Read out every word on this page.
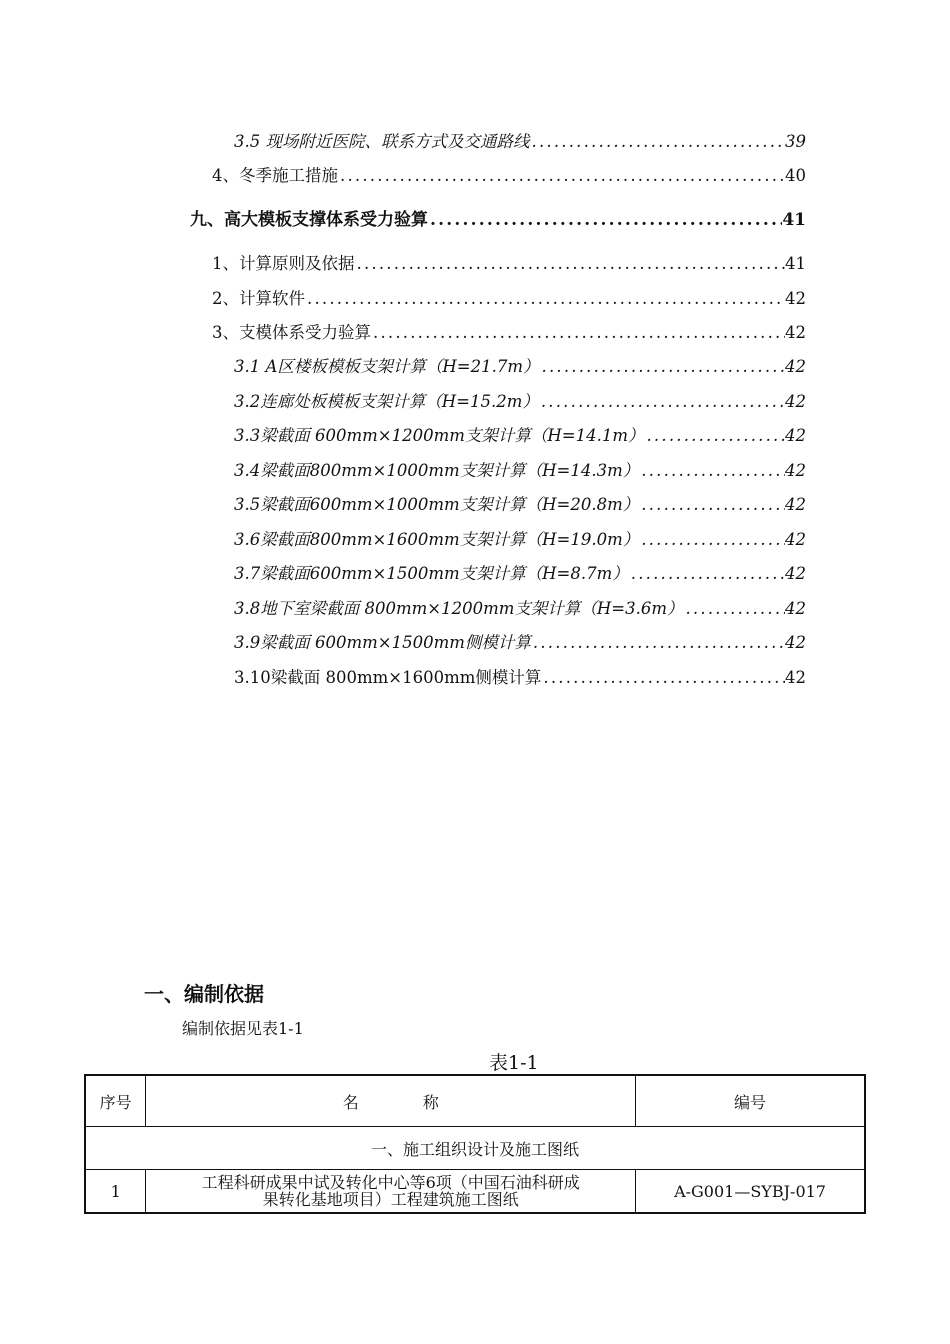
3.5 现场附近医院、联系方式及交通路线 .....	39
4、冬季施工措施 .....	40
九、高大模板支撑体系受力验算 .....	41
1、计算原则及依据 .....	41
2、计算软件 .....	42
3、支模体系受力验算 .....	42
3.1 A区楼板模板支架计算（H=21.7m） .....	42
3.2连廊处板模板支架计算（H=15.2m） .....	42
3.3梁截面 600mm×1200mm支架计算（H=14.1m） .....	42
3.4梁截面800mm×1000mm支架计算（H=14.3m） .....	42
3.5梁截面600mm×1000mm支架计算（H=20.8m） .....	42
3.6梁截面800mm×1600mm支架计算（H=19.0m） .....	42
3.7梁截面600mm×1500mm支架计算（H=8.7m） .....	42
3.8地下室梁截面 800mm×1200mm支架计算（H=3.6m） .....	42
3.9梁截面 600mm×1500mm侧模计算 .....	42
3.10梁截面 800mm×1600mm侧模计算 .....	42
一、编制依据
编制依据见表1-1
表1-1
序号	名　　　　称	编号
一、施工组织设计及施工图纸		
1	工程科研成果中试及转化中心等6项（中国石油科研成
果转化基地项目）工程建筑施工图纸	A-G001—SYBJ-017
